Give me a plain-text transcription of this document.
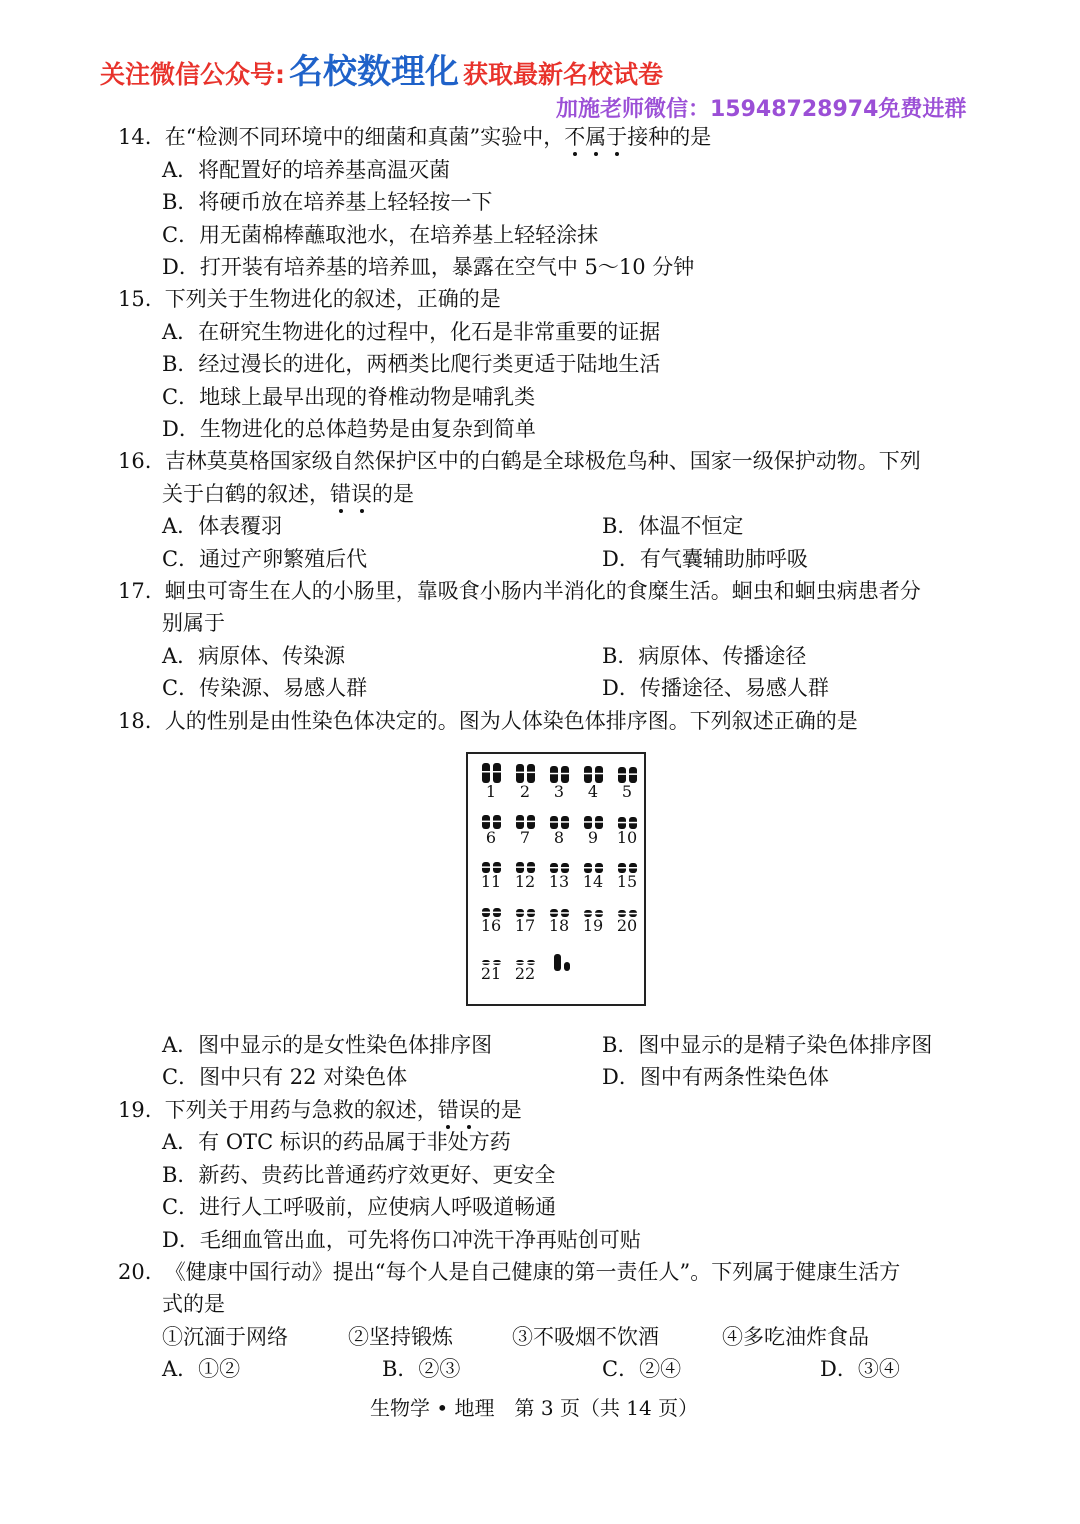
关注微信公众号: 名校数理化 获取最新名校试卷
加施老师微信：15948728974免费进群
14. 在“检测不同环境中的细菌和真菌”实验中，不属于接种的是
A．将配置好的培养基高温灭菌
B．将硬币放在培养基上轻轻按一下
C．用无菌棉棒蘸取池水，在培养基上轻轻涂抹
D．打开装有培养基的培养皿，暴露在空气中 5～10 分钟
15. 下列关于生物进化的叙述，正确的是
A．在研究生物进化的过程中，化石是非常重要的证据
B．经过漫长的进化，两栖类比爬行类更适于陆地生活
C．地球上最早出现的脊椎动物是哺乳类
D．生物进化的总体趋势是由复杂到简单
16. 吉林莫莫格国家级自然保护区中的白鹤是全球极危鸟种、国家一级保护动物。下列
关于白鹤的叙述，错误的是
A．体表覆羽	B．体温不恒定
C．通过产卵繁殖后代	D．有气囊辅助肺呼吸
17. 蛔虫可寄生在人的小肠里，靠吸食小肠内半消化的食糜生活。蛔虫和蛔虫病患者分
别属于
A．病原体、传染源	B．病原体、传播途径
C．传染源、易感人群	D．传播途径、易感人群
18. 人的性别是由性染色体决定的。图为人体染色体排序图。下列叙述正确的是
1	2	3	4	5
6	7	8	9	10
11 12 13 14 15
16 17 18 19 20
21 22
A．图中显示的是女性染色体排序图	B．图中显示的是精子染色体排序图
C．图中只有 22 对染色体	D．图中有两条性染色体
19. 下列关于用药与急救的叙述，错误的是
A．有 OTC 标识的药品属于非处方药
B．新药、贵药比普通药疗效更好、更安全
C．进行人工呼吸前，应使病人呼吸道畅通
D．毛细血管出血，可先将伤口冲洗干净再贴创可贴
20. 《健康中国行动》提出“每个人是自己健康的第一责任人”。下列属于健康生活方
式的是
①沉湎于网络	②坚持锻炼	③不吸烟不饮酒	④多吃油炸食品
A．①②	B．②③	C．②④	D．③④
生物学 • 地理　第 3 页（共 14 页）
